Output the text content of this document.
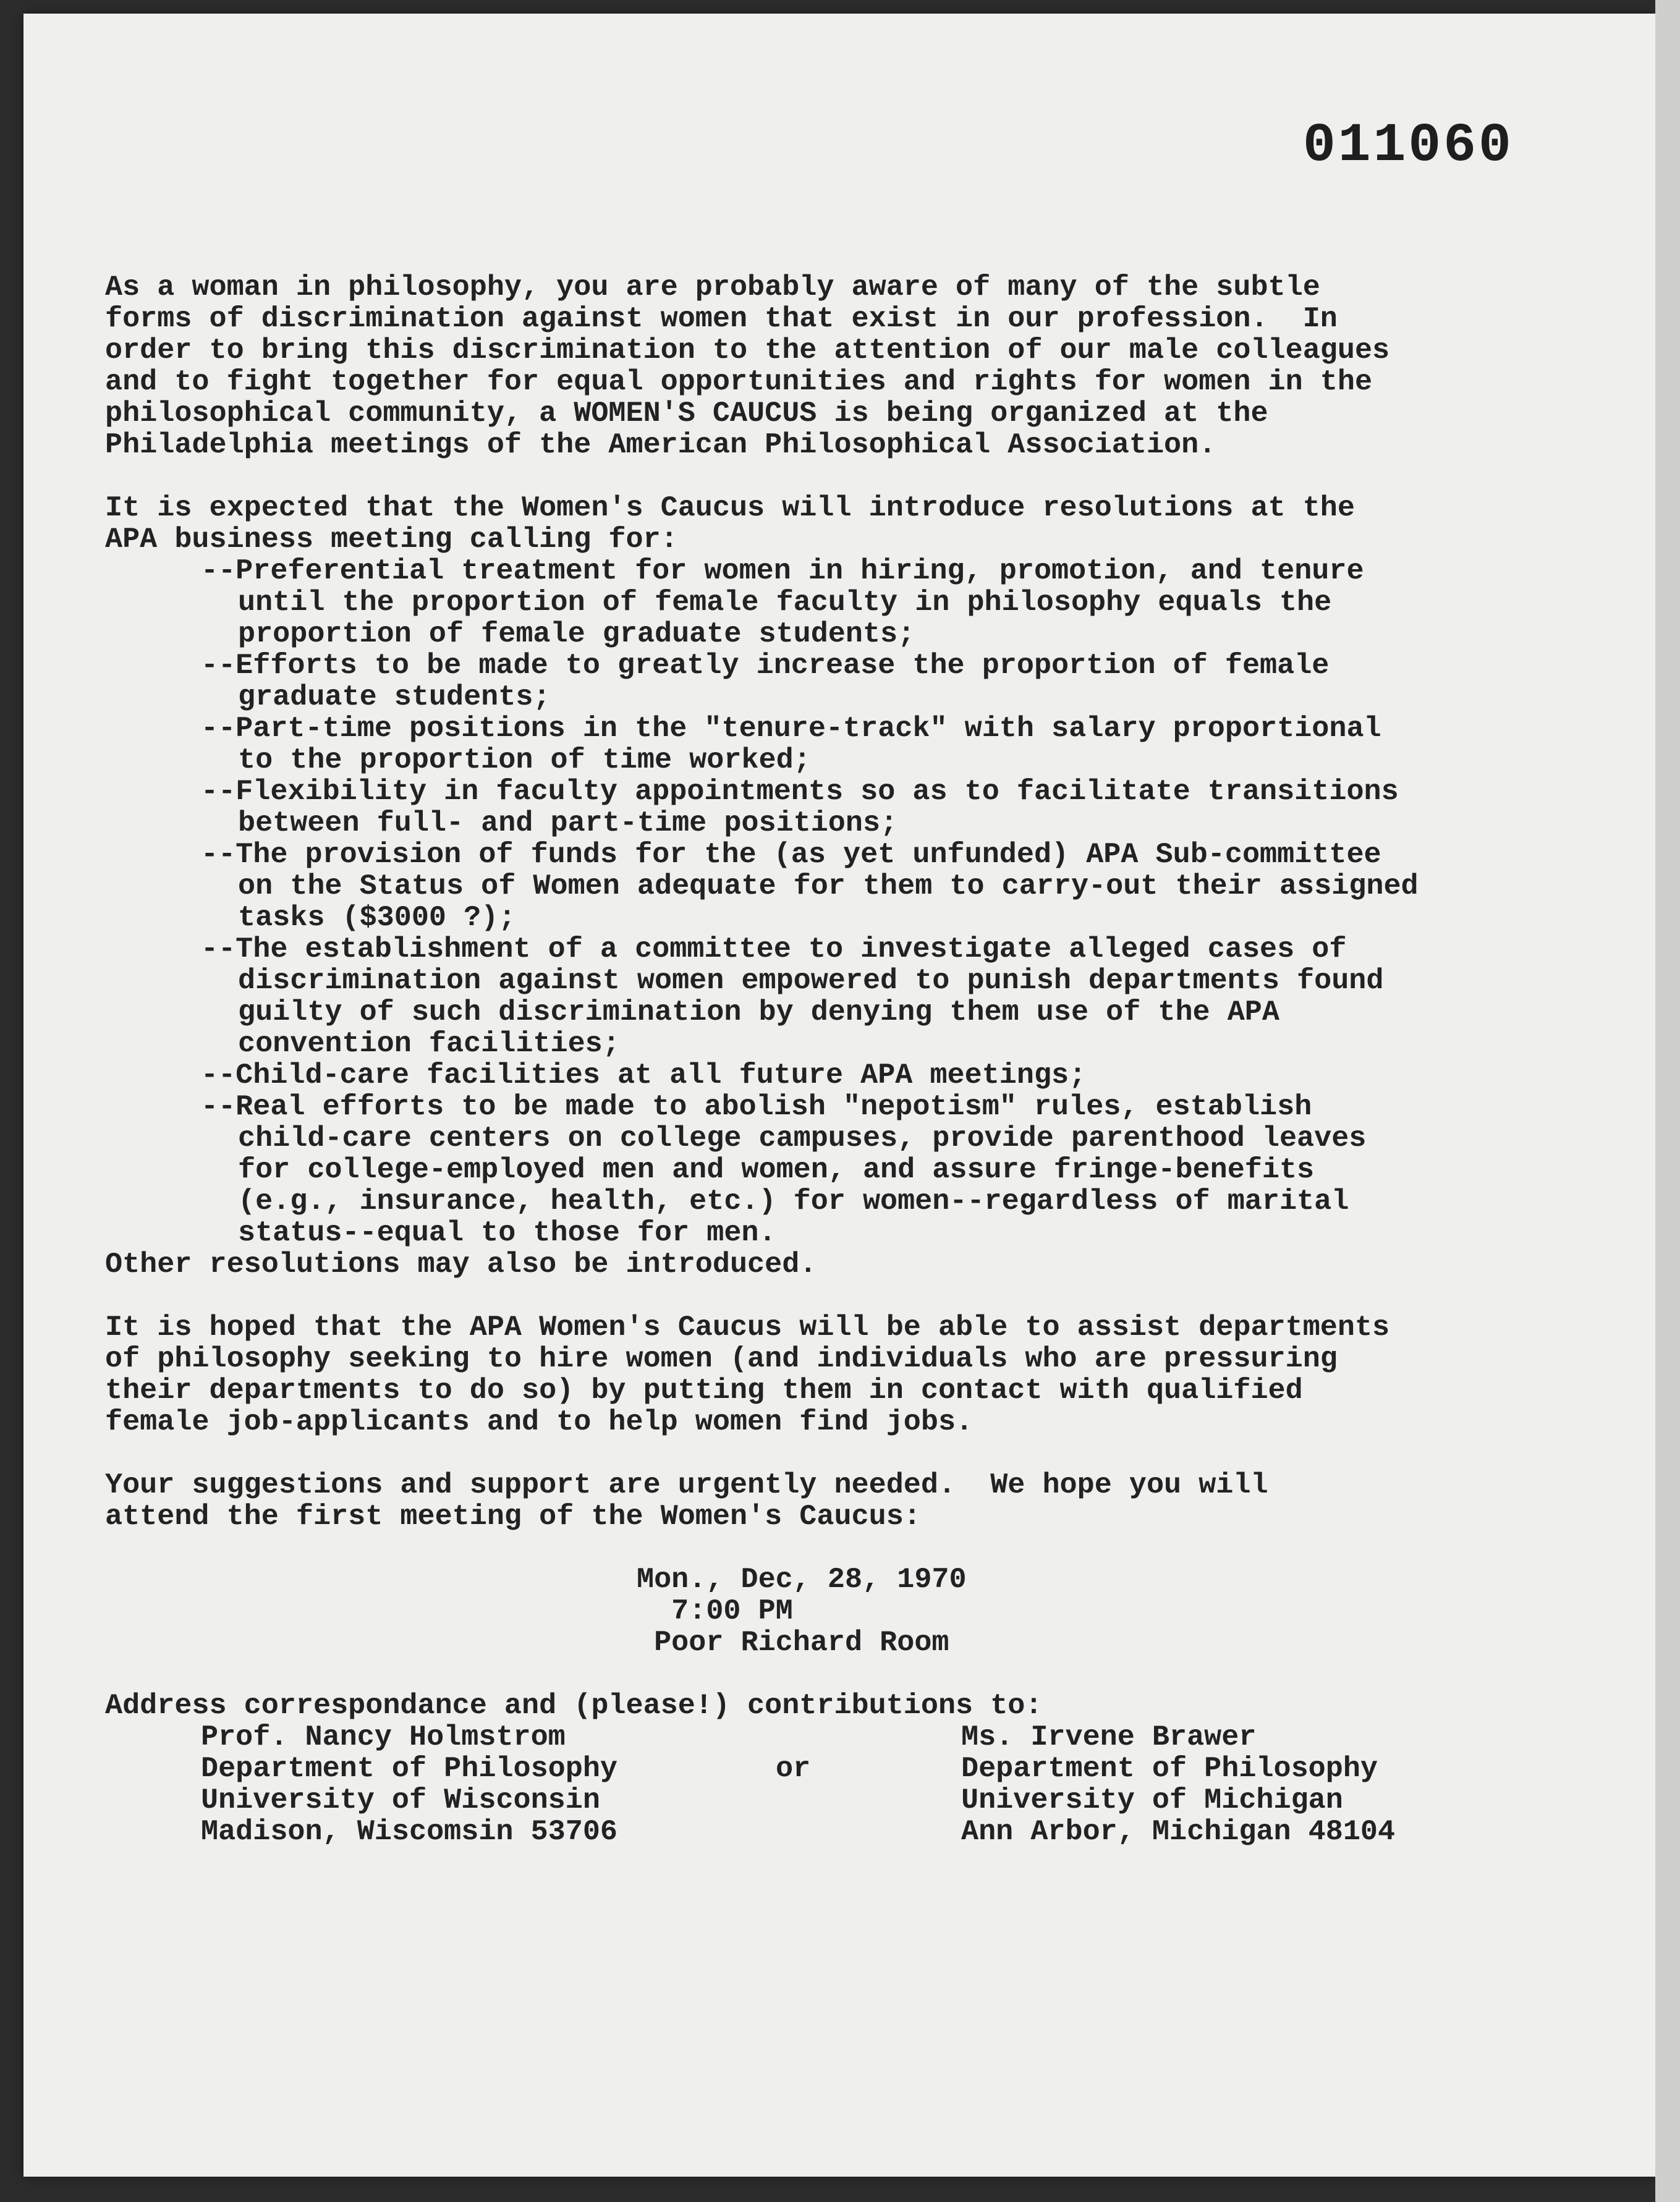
011060

As a woman in philosophy, you are probably aware of many of the subtle

forms of discrimination against women that exist in our profession.  In

order to bring this discrimination to the attention of our male colleagues

and to fight together for equal opportunities and rights for women in the

philosophical community, a WOMEN'S CAUCUS is being organized at the

Philadelphia meetings of the American Philosophical Association.

It is expected that the Women's Caucus will introduce resolutions at the

APA business meeting calling for:

--Preferential treatment for women in hiring, promotion, and tenure

until the proportion of female faculty in philosophy equals the

proportion of female graduate students;

--Efforts to be made to greatly increase the proportion of female

graduate students;

--Part-time positions in the "tenure-track" with salary proportional

to the proportion of time worked;

--Flexibility in faculty appointments so as to facilitate transitions

between full- and part-time positions;

--The provision of funds for the (as yet unfunded) APA Sub-committee

on the Status of Women adequate for them to carry-out their assigned

tasks ($3000 ?);

--The establishment of a committee to investigate alleged cases of

discrimination against women empowered to punish departments found

guilty of such discrimination by denying them use of the APA

convention facilities;

--Child-care facilities at all future APA meetings;

--Real efforts to be made to abolish "nepotism" rules, establish

child-care centers on college campuses, provide parenthood leaves

for college-employed men and women, and assure fringe-benefits

(e.g., insurance, health, etc.) for women--regardless of marital

status--equal to those for men.

Other resolutions may also be introduced.

It is hoped that the APA Women's Caucus will be able to assist departments

of philosophy seeking to hire women (and individuals who are pressuring

their departments to do so) by putting them in contact with qualified

female job-applicants and to help women find jobs.

Your suggestions and support are urgently needed.  We hope you will

attend the first meeting of the Women's Caucus:

Mon., Dec, 28, 1970

7:00 PM

Poor Richard Room

Address correspondance and (please!) contributions to:

Prof. Nancy Holmstrom

Department of Philosophy

University of Wisconsin

Madison, Wiscomsin 53706

or

Ms. Irvene Brawer

Department of Philosophy

University of Michigan

Ann Arbor, Michigan 48104
